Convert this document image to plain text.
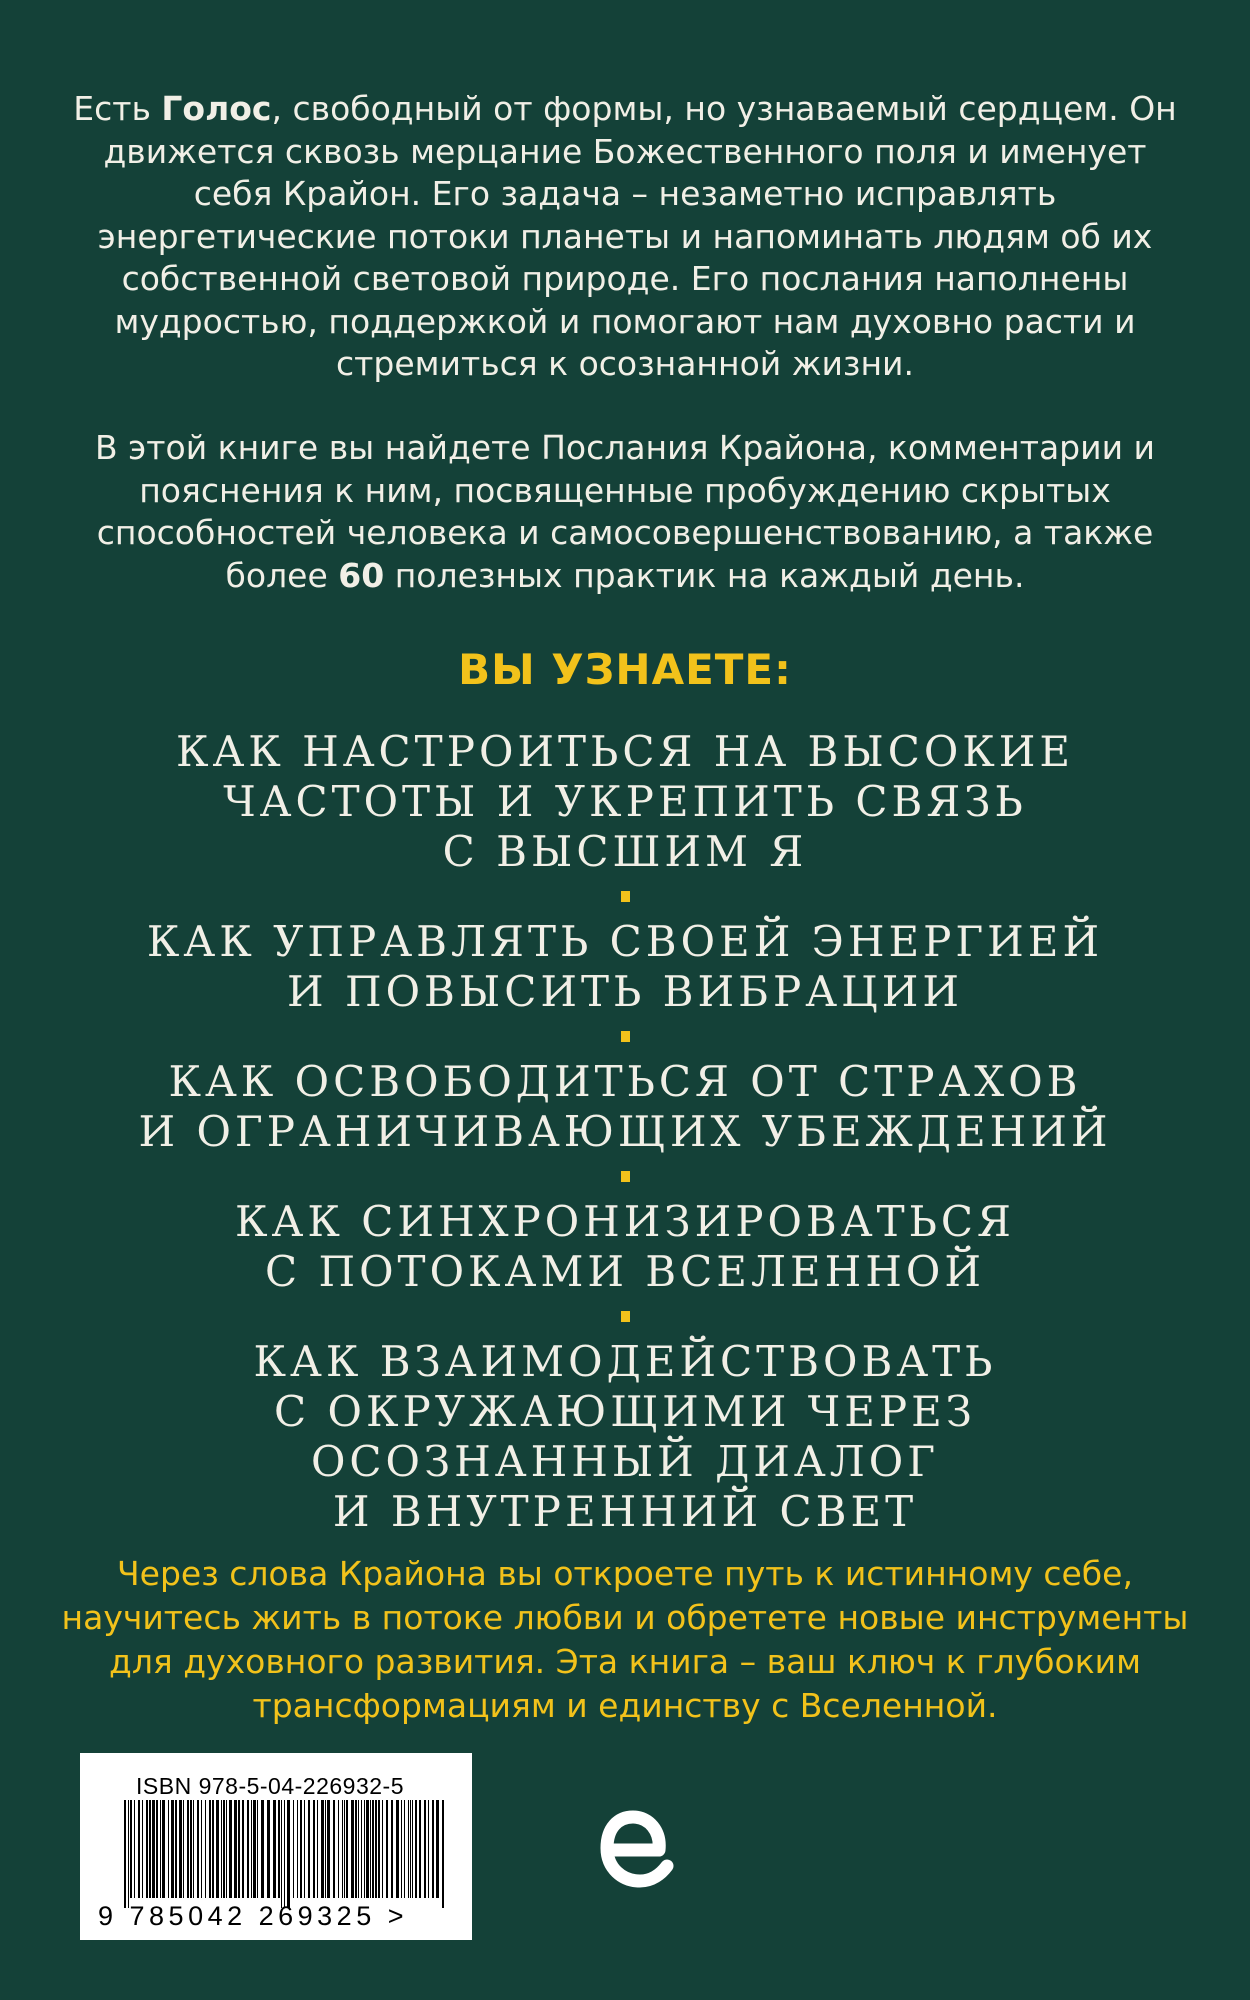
Есть Голос, свободный от формы, но узнаваемый сердцем. Он движется сквозь мерцание Божественного поля и именует себя Крайон. Его задача – незаметно исправлять энергетические потоки планеты и напоминать людям об их собственной световой природе. Его послания наполнены мудростью, поддержкой и помогают нам духовно расти и стремиться к осознанной жизни.

В этой книге вы найдете Послания Крайона, комментарии и пояснения к ним, посвященные пробуждению скрытых способностей человека и самосовершенствованию, а также более 60 полезных практик на каждый день.

ВЫ УЗНАЕТЕ:

КАК НАСТРОИТЬСЯ НА ВЫСОКИЕ

ЧАСТОТЫ И УКРЕПИТЬ СВЯЗЬ

С ВЫСШИМ Я

КАК УПРАВЛЯТЬ СВОЕЙ ЭНЕРГИЕЙ

И ПОВЫСИТЬ ВИБРАЦИИ

КАК ОСВОБОДИТЬСЯ ОТ СТРАХОВ

И ОГРАНИЧИВАЮЩИХ УБЕЖДЕНИЙ

КАК СИНХРОНИЗИРОВАТЬСЯ

С ПОТОКАМИ ВСЕЛЕННОЙ

КАК ВЗАИМОДЕЙСТВОВАТЬ

С ОКРУЖАЮЩИМИ ЧЕРЕЗ

ОСОЗНАННЫЙ ДИАЛОГ

И ВНУТРЕННИЙ СВЕТ

Через слова Крайона вы откроете путь к истинному себе, научитесь жить в потоке любви и обретете новые инструменты для духовного развития. Эта книга – ваш ключ к глубоким трансформациям и единству с Вселенной.

ISBN 978-5-04-226932-5
9 785042 269325 >
